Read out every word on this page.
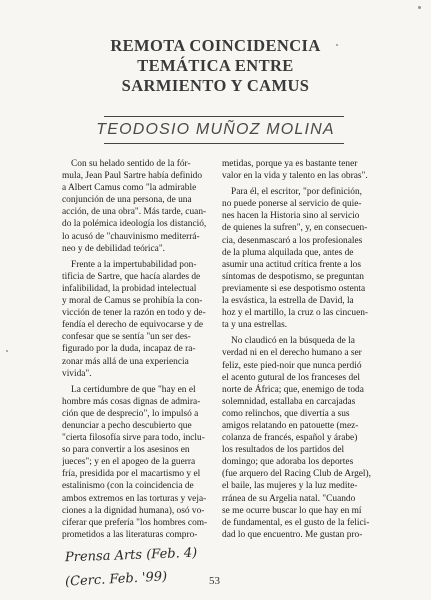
REMOTA COINCIDENCIA
TEMÁTICA ENTRE
SARMIENTO Y CAMUS
TEODOSIO MUÑOZ MOLINA
Con su helado sentido de la fór-
mula, Jean Paul Sartre había definido
a Albert Camus como "la admirable
conjunción de una persona, de una
acción, de una obra". Más tarde, cuan-
do la polémica ideología los distanció,
lo acusó de "chauvinismo mediterrá-
neo y de debilidad teórica".
Frente a la impertubabilidad pon-
tificia de Sartre, que hacía alardes de
infalibilidad, la probidad intelectual
y moral de Camus se prohibía la con-
vicción de tener la razón en todo y de-
fendía el derecho de equivocarse y de
confesar que se sentía "un ser des-
figurado por la duda, incapaz de ra-
zonar más allá de una experiencia
vivida".
La certidumbre de que "hay en el
hombre más cosas dignas de admira-
ción que de desprecio", lo impulsó a
denunciar a pecho descubierto que
"cierta filosofía sirve para todo, inclu-
so para convertir a los asesinos en
jueces"; y en el apogeo de la guerra
fría, presidida por el macartismo y el
estalinismo (con la coincidencia de
ambos extremos en las torturas y veja-
ciones a la dignidad humana), osó vo-
ciferar que prefería "los hombres com-
prometidos a las literaturas compro-
metidas, porque ya es bastante tener
valor en la vida y talento en las obras".
Para él, el escritor, "por definición,
no puede ponerse al servicio de quie-
nes hacen la Historia sino al servicio
de quienes la sufren", y, en consecuen-
cia, desenmascaró a los profesionales
de la pluma alquilada que, antes de
asumir una actitud crítica frente a los
síntomas de despotismo, se preguntan
previamente si ese despotismo ostenta
la esvástica, la estrella de David, la
hoz y el martillo, la cruz o las cincuen-
ta y una estrellas.
No claudicó en la búsqueda de la
verdad ni en el derecho humano a ser
feliz, este pied-noir que nunca perdió
el acento gutural de los franceses del
norte de África; que, enemigo de toda
solemnidad, estallaba en carcajadas
como relinchos, que divertía a sus
amigos relatando en patouette (mez-
colanza de francés, español y árabe)
los resultados de los partidos del
domingo; que adoraba los deportes
(fue arquero del Racing Club de Argel),
el baile, las mujeres y la luz medite-
rránea de su Argelia natal. "Cuando
se me ocurre buscar lo que hay en mí
de fundamental, es el gusto de la felici-
dad lo que encuentro. Me gustan pro-
Prensa Arts (Feb. 4)
(Cerc. Feb. '99)	53
